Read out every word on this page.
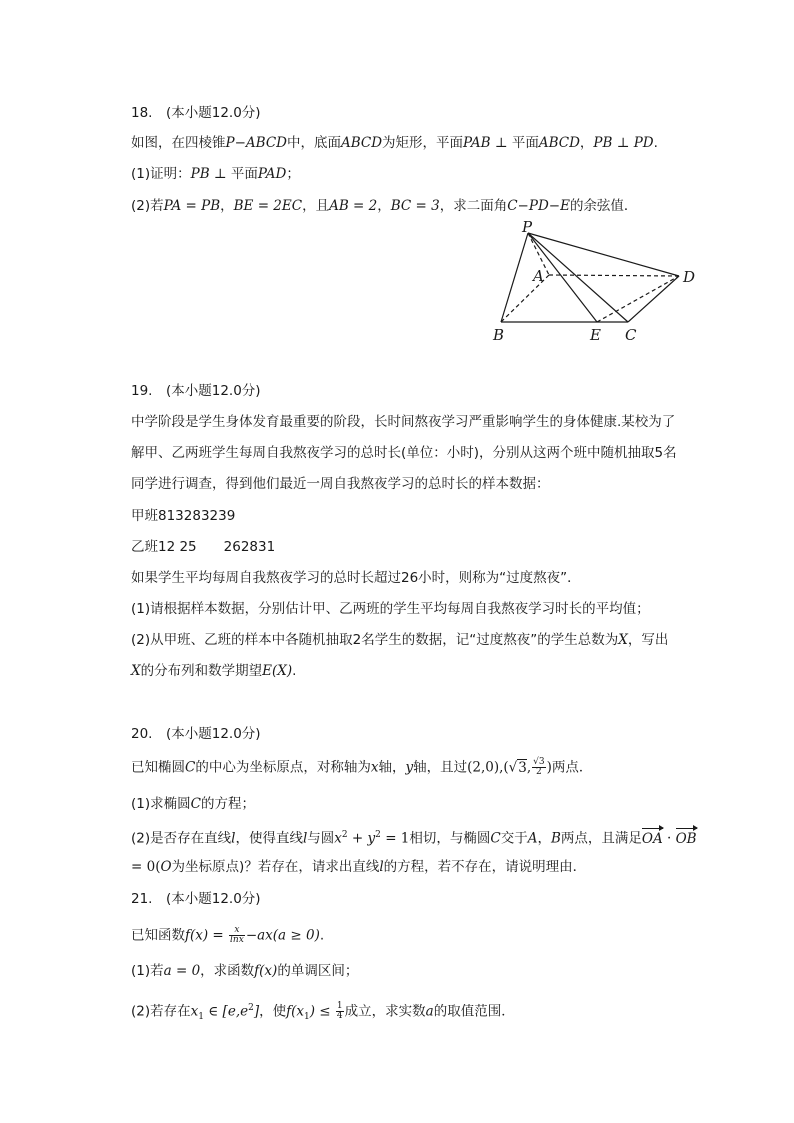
18.　(本小题12.0分)
如图，在四棱锥P−ABCD中，底面ABCD为矩形，平面PAB ⊥ 平面ABCD，PB ⊥ PD.
(1)证明：PB ⊥ 平面PAD；
(2)若PA = PB，BE = 2EC，且AB = 2，BC = 3，求二面角C−PD−E的余弦值．
P
A	D
B	E C
19.　(本小题12.0分)
中学阶段是学生身体发育最重要的阶段，长时间熬夜学习严重影响学生的身体健康.某校为了
解甲、乙两班学生每周自我熬夜学习的总时长(单位：小时)，分别从这两个班中随机抽取5名
同学进行调查，得到他们最近一周自我熬夜学习的总时长的样本数据：
甲班813283239
乙班12 25　　262831
如果学生平均每周自我熬夜学习的总时长超过26小时，则称为“过度熬夜”．
(1)请根据样本数据，分别估计甲、乙两班的学生平均每周自我熬夜学习时长的平均值；
(2)从甲班、乙班的样本中各随机抽取2名学生的数据，记“过度熬夜”的学生总数为X，写出
X的分布列和数学期望E(X).
20.　(本小题12.0分)
已知椭圆C的中心为坐标原点，对称轴为x轴，y轴，且过(2,0),(√3, $\frac{√3}{2}$ )两点．
(1)求椭圆C的方程；
(2)是否存在直线l，使得直线l与圆$x^2 + y^2 = 1$相切，与椭圆C交于A，B两点，且满足OA · OB
= 0(O为坐标原点)？若存在，请求出直线l的方程，若不存在，请说明理由．
21.　(本小题12.0分)
已知函数$f(x) = \frac{x}{\ln x} -ax(a \ge 0)$.
(1)若a = 0，求函数f(x)的单调区间；
(2)若存在$x_1$ ∈ $[e,e^2]$，使$f(x_1) \le \frac{1}{4}$ 成立，求实数a的取值范围．
